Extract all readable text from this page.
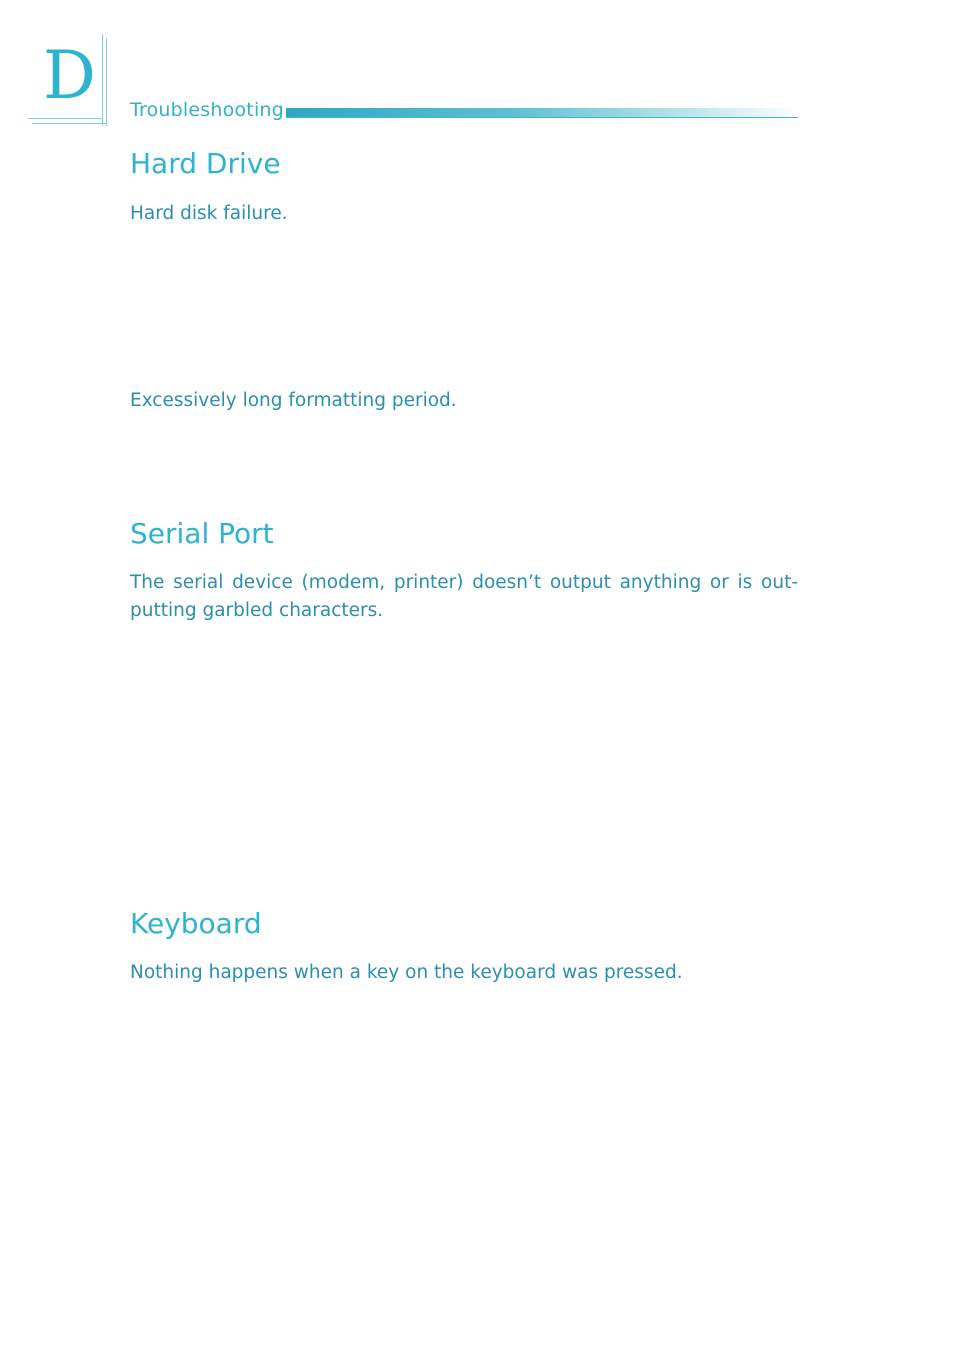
D Troubleshooting
Hard Drive

Hard disk failure.

Excessively long formatting period.

Serial Port

The serial device (modem, printer) doesn’t output anything or is out-putting garbled characters.

Keyboard

Nothing happens when a key on the keyboard was pressed.
